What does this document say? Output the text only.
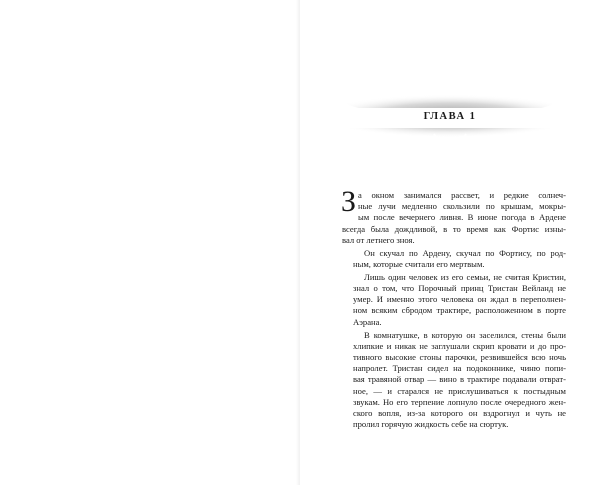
ГЛАВА 1

З а окном занимался рассвет, и редкие солнеч-
ные лучи медленно скользили по крышам, мокры-
ым после вечернего ливня. В июне погода в Ардене
всегда была дождливой, в то время как Фортис изны-
вал от летнего зноя.

Он скучал по Ардену, скучал по Фортису, по род-
ным, которые считали его мертвым.

Лишь один человек из его семьи, не считая Кристин,
знал о том, что Порочный принц Тристан Вейланд не
умер. И именно этого человека он ждал в переполнен-
ном всяким сбродом трактире, расположенном в порте
Аэрана.

В комнатушке, в которую он заселился, стены были
хлипкие и никак не заглушали скрип кровати и до про-
тивного высокие стоны парочки, резвившейся всю ночь
напролет. Тристан сидел на подоконнике, чиню попи-
вая травяной отвар — вино в трактире подавали отврат-
ное, — и старался не прислушиваться к постыдным
звукам. Но его терпение лопнуло после очередного жен-
ского вопля, из-за которого он вздрогнул и чуть не
пролил горячую жидкость себе на сюртук.
